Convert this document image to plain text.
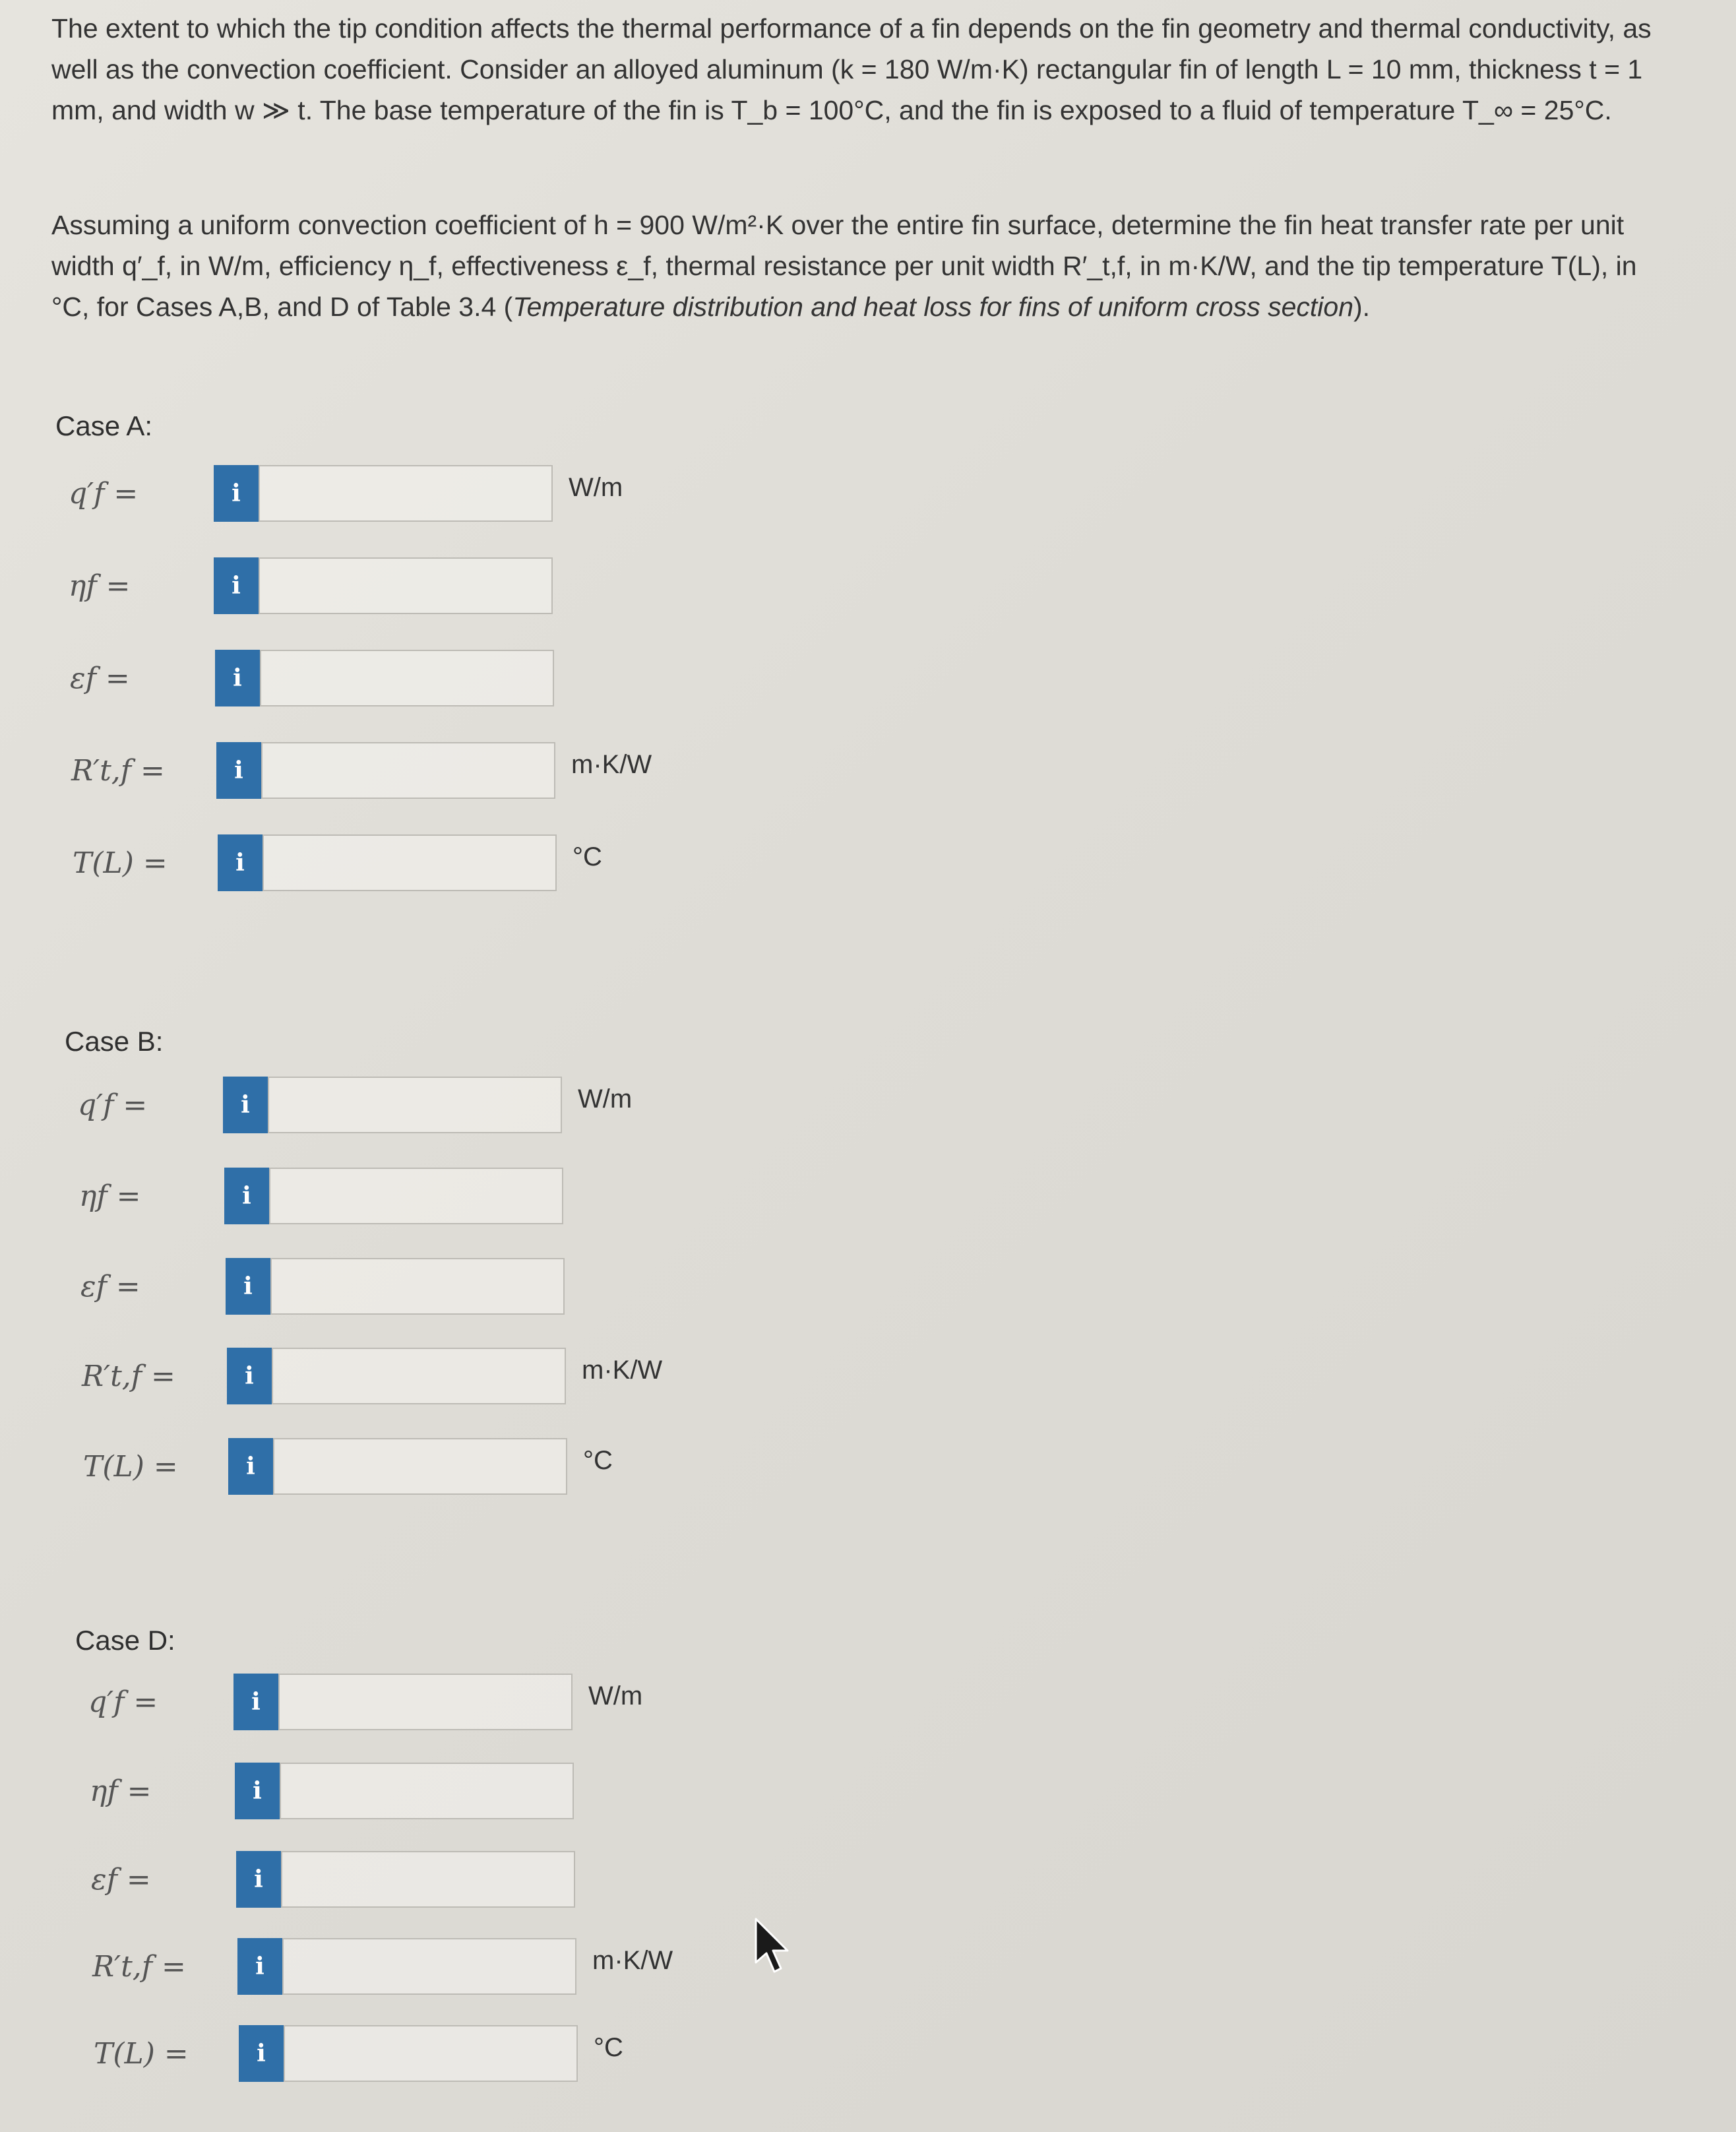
The extent to which the tip condition affects the thermal performance of a fin depends on the fin geometry and thermal conductivity, as well as the convection coefficient. Consider an alloyed aluminum (k = 180 W/m·K) rectangular fin of length L = 10 mm, thickness t = 1 mm, and width w ≫ t. The base temperature of the fin is T_b = 100°C, and the fin is exposed to a fluid of temperature T_∞ = 25°C.
Assuming a uniform convection coefficient of h = 900 W/m²·K over the entire fin surface, determine the fin heat transfer rate per unit width q′_f, in W/m, efficiency η_f, effectiveness ε_f, thermal resistance per unit width R′_t,f, in m·K/W, and the tip temperature T(L), in °C, for Cases A,B, and D of Table 3.4 (Temperature distribution and heat loss for fins of uniform cross section).
Case A:
q′f =	i	W/m
ηf =	i
εf =	i
R′t,f =	i	m·K/W
T(L) =	i	°C
Case B:
q′f =	i	W/m
ηf =	i
εf =	i
R′t,f =	i	m·K/W
T(L) =	i	°C
Case D:
q′f =	i	W/m
ηf =	i
εf =	i
R′t,f =	i	m·K/W
T(L) =	i	°C
